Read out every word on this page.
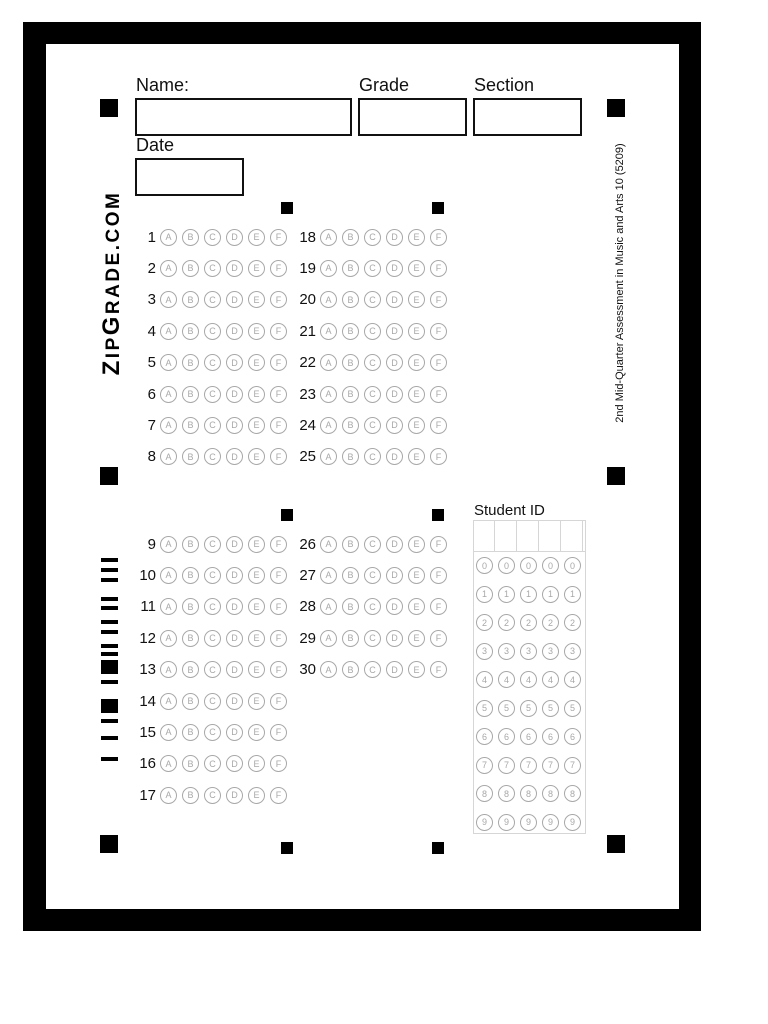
Name:	Grade	Section
Date
ZIPGRADE.COM	2nd Mid-Quarter Assessment in Music and Arts 10 (5209)
Student ID
1	A	B	C	D	E	F
2	A	B	C	D	E	F
3	A	B	C	D	E	F
4	A	B	C	D	E	F
5	A	B	C	D	E	F
6	A	B	C	D	E	F
7	A	B	C	D	E	F
8	A	B	C	D	E	F
18	A	B	C	D	E	F
19	A	B	C	D	E	F
20	A	B	C	D	E	F
21	A	B	C	D	E	F
22	A	B	C	D	E	F
23	A	B	C	D	E	F
24	A	B	C	D	E	F
25	A	B	C	D	E	F
9	A	B	C	D	E	F
10	A	B	C	D	E	F
11	A	B	C	D	E	F
12	A	B	C	D	E	F
13	A	B	C	D	E	F
14	A	B	C	D	E	F
15	A	B	C	D	E	F
16	A	B	C	D	E	F
17	A	B	C	D	E	F
26	A	B	C	D	E	F
27	A	B	C	D	E	F
28	A	B	C	D	E	F
29	A	B	C	D	E	F
30	A	B	C	D	E	F
0	0	0	0	0
1	1	1	1	1
2	2	2	2	2
3	3	3	3	3
4	4	4	4	4
5	5	5	5	5
6	6	6	6	6
7	7	7	7	7
8	8	8	8	8
9	9	9	9	9
